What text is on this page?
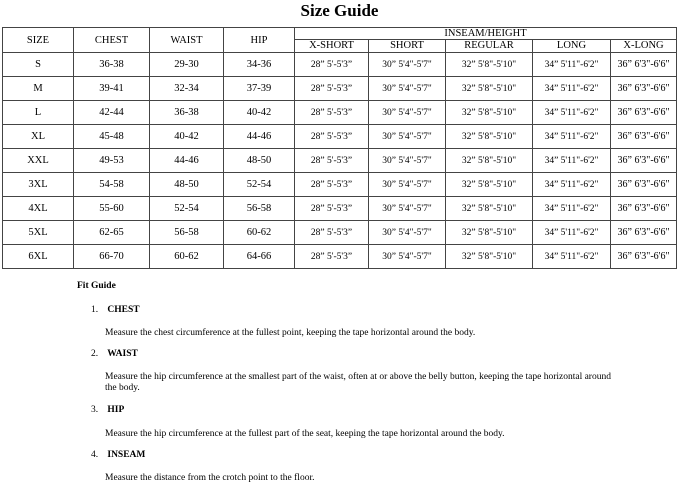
Size Guide
SIZE	CHEST	WAIST	HIP	INSEAM/HEIGHT				
				X-SHORT	SHORT	REGULAR	LONG	X-LONG
S	36-38	29-30	34-36	28” 5'-5'3”	30” 5'4"-5'7"	32” 5'8"-5'10"	34” 5'11"-6'2"	36” 6'3"-6'6"
M	39-41	32-34	37-39	28” 5'-5'3”	30” 5'4"-5'7"	32” 5'8"-5'10"	34” 5'11"-6'2"	36” 6'3"-6'6"
L	42-44	36-38	40-42	28” 5'-5'3”	30” 5'4"-5'7"	32” 5'8"-5'10"	34” 5'11"-6'2"	36” 6'3"-6'6"
XL	45-48	40-42	44-46	28” 5'-5'3”	30” 5'4"-5'7"	32” 5'8"-5'10"	34” 5'11"-6'2"	36” 6'3"-6'6"
XXL	49-53	44-46	48-50	28” 5'-5'3”	30” 5'4"-5'7"	32” 5'8"-5'10"	34” 5'11"-6'2"	36” 6'3"-6'6"
3XL	54-58	48-50	52-54	28” 5'-5'3”	30” 5'4"-5'7"	32” 5'8"-5'10"	34” 5'11"-6'2"	36” 6'3"-6'6"
4XL	55-60	52-54	56-58	28” 5'-5'3”	30” 5'4"-5'7"	32” 5'8"-5'10"	34” 5'11"-6'2"	36” 6'3"-6'6"
5XL	62-65	56-58	60-62	28” 5'-5'3”	30” 5'4"-5'7"	32” 5'8"-5'10"	34” 5'11"-6'2"	36” 6'3"-6'6"
6XL	66-70	60-62	64-66	28” 5'-5'3”	30” 5'4"-5'7"	32” 5'8"-5'10"	34” 5'11"-6'2"	36” 6'3"-6'6"
Fit Guide
1. CHEST
Measure the chest circumference at the fullest point, keeping the tape horizontal around the body.
2. WAIST
Measure the hip circumference at the smallest part of the waist, often at or above the belly button, keeping the tape horizontal around the body.
3. HIP
Measure the hip circumference at the fullest part of the seat, keeping the tape horizontal around the body.
4. INSEAM
Measure the distance from the crotch point to the floor.
